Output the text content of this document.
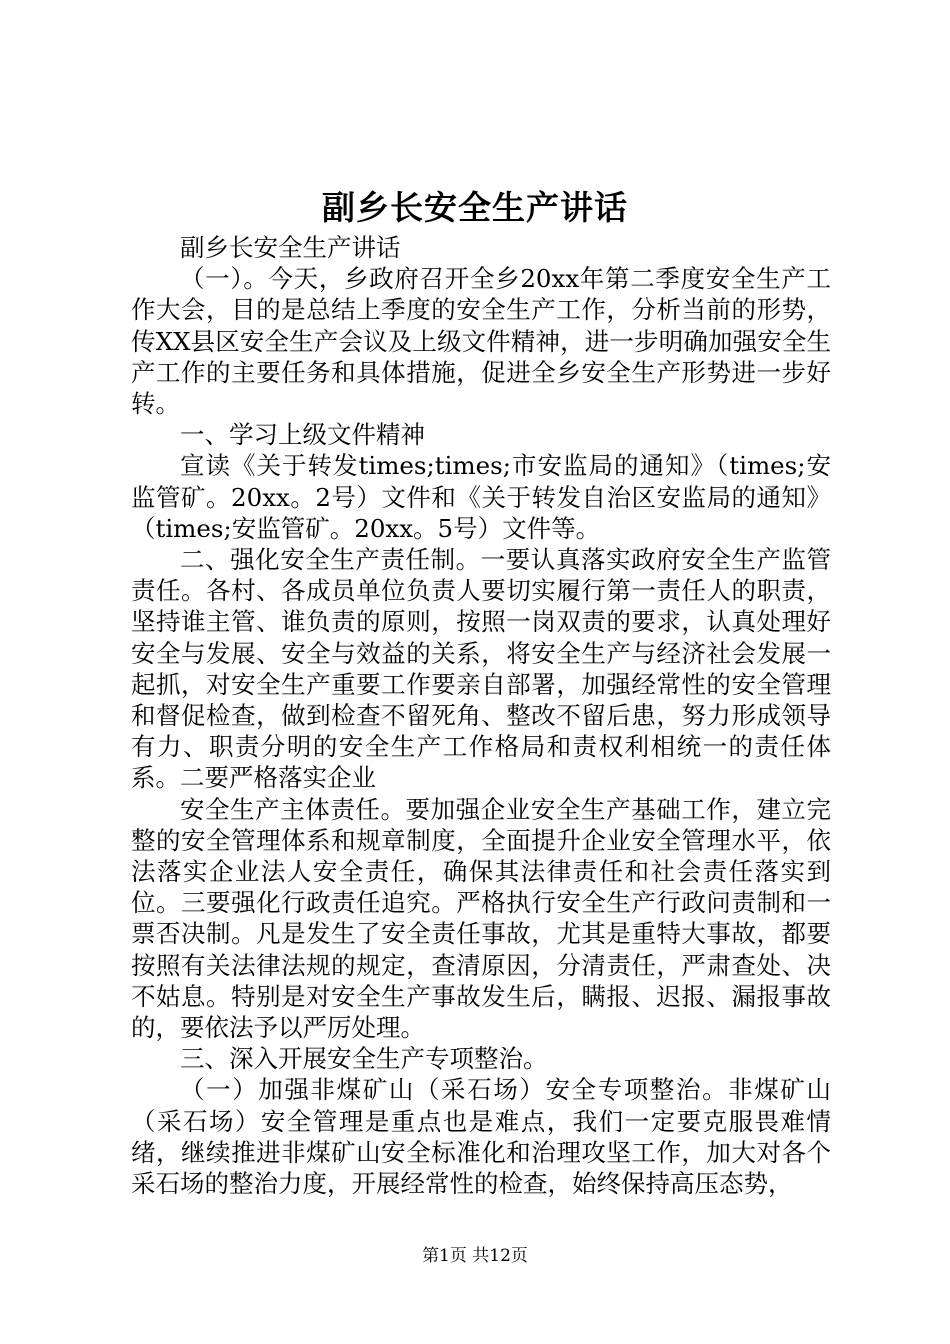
副乡长安全生产讲话

副乡长安全生产讲话

（一）。今天，乡政府召开全乡20xx年第二季度安全生产工作大会，目的是总结上季度的安全生产工作，分析当前的形势，传XX县区安全生产会议及上级文件精神，进一步明确加强安全生产工作的主要任务和具体措施，促进全乡安全生产形势进一步好转。

一、学习上级文件精神

宣读《关于转发times;times;市安监局的通知》（times;安监管矿。20xx。2号）文件和《关于转发自治区安监局的通知》（times;安监管矿。20xx。5号）文件等。

二、强化安全生产责任制。一要认真落实政府安全生产监管责任。各村、各成员单位负责人要切实履行第一责任人的职责，坚持谁主管、谁负责的原则，按照一岗双责的要求，认真处理好安全与发展、安全与效益的关系，将安全生产与经济社会发展一起抓，对安全生产重要工作要亲自部署，加强经常性的安全管理和督促检查，做到检查不留死角、整改不留后患，努力形成领导有力、职责分明的安全生产工作格局和责权利相统一的责任体系。二要严格落实企业

安全生产主体责任。要加强企业安全生产基础工作，建立完整的安全管理体系和规章制度，全面提升企业安全管理水平，依法落实企业法人安全责任，确保其法律责任和社会责任落实到位。三要强化行政责任追究。严格执行安全生产行政问责制和一票否决制。凡是发生了安全责任事故，尤其是重特大事故，都要按照有关法律法规的规定，查清原因，分清责任，严肃查处、决不姑息。特别是对安全生产事故发生后，瞒报、迟报、漏报事故的，要依法予以严厉处理。

三、深入开展安全生产专项整治。

（一）加强非煤矿山（采石场）安全专项整治。非煤矿山（采石场）安全管理是重点也是难点，我们一定要克服畏难情绪，继续推进非煤矿山安全标准化和治理攻坚工作，加大对各个采石场的整治力度，开展经常性的检查，始终保持高压态势，

第1页 共12页
